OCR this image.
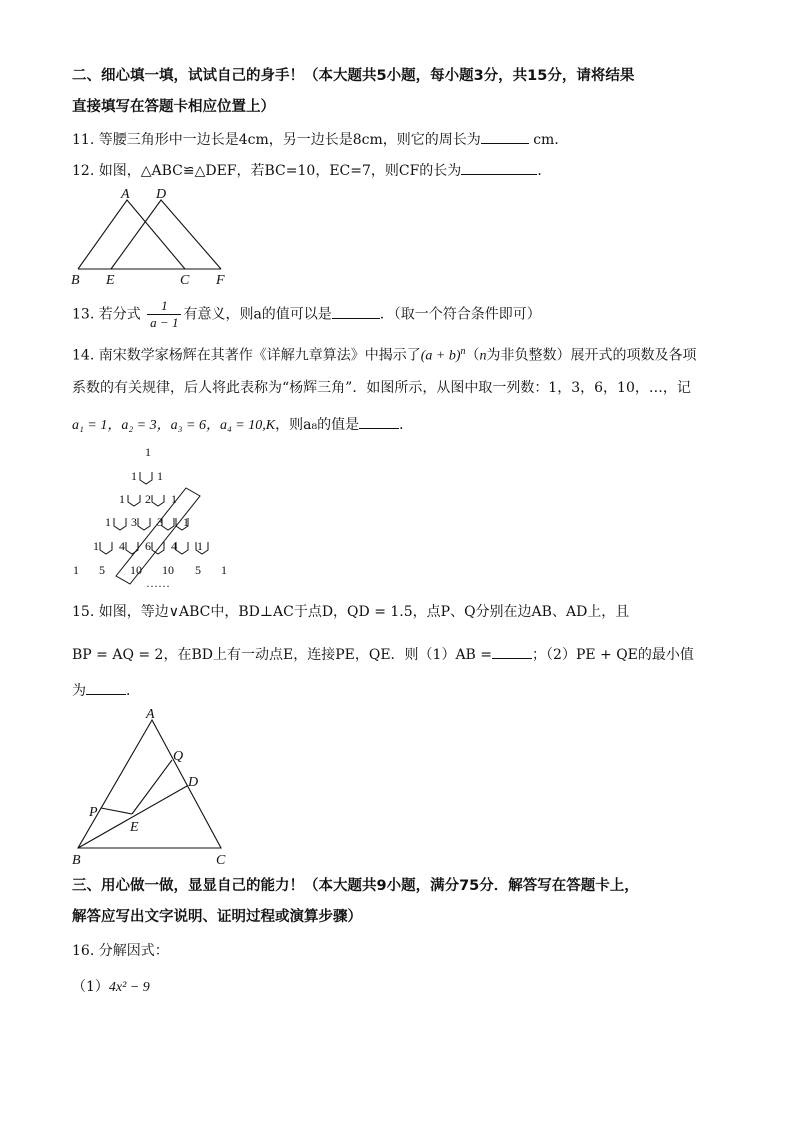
二、细心填一填，试试自己的身手！（本大题共5小题，每小题3分，共15分，请将结果
直接填写在答题卡相应位置上）
11. 等腰三角形中一边长是4cm，另一边长是8cm，则它的周长为	cm．
12. 如图，△ABC≌△DEF，若BC=10，EC=7，则CF的长为	．
A D
B E	C F
13. 若分式 $\frac{1}{a - 1}$ 有意义，则a的值可以是	．（取一个符合条件即可）
14. 南宋数学家杨辉在其著作《详解九章算法》中揭示了$(a + b)^n(n$为非负整数）展开式的项数及各项
系数的有关规律，后人将此表称为“杨辉三角”．如图所示，从图中取一列数：1，3，6，10，…，记
a₁ = 1，a₂ = 3，a₃ = 6，a₄ = 10,K，则a₈的值是	．
1
1 1
1 2 1
1 3 3 1
1 4 6 4 1
1 5 10 10 5 1
……
15. 如图，等边∨ABC中，BD⊥AC于点D，QD = 1.5，点P、Q分别在边AB、AD上，且
BP = AQ = 2，在BD上有一动点E，连接PE，QE．则（1）AB =	；（2）PE + QE的最小值
为	．
A
Q
D
P
E
B	C
三、用心做一做，显显自己的能力！（本大题共9小题，满分75分．解答写在答题卡上，
解答应写出文字说明、证明过程或演算步骤）
16. 分解因式：
（1）4x² − 9
